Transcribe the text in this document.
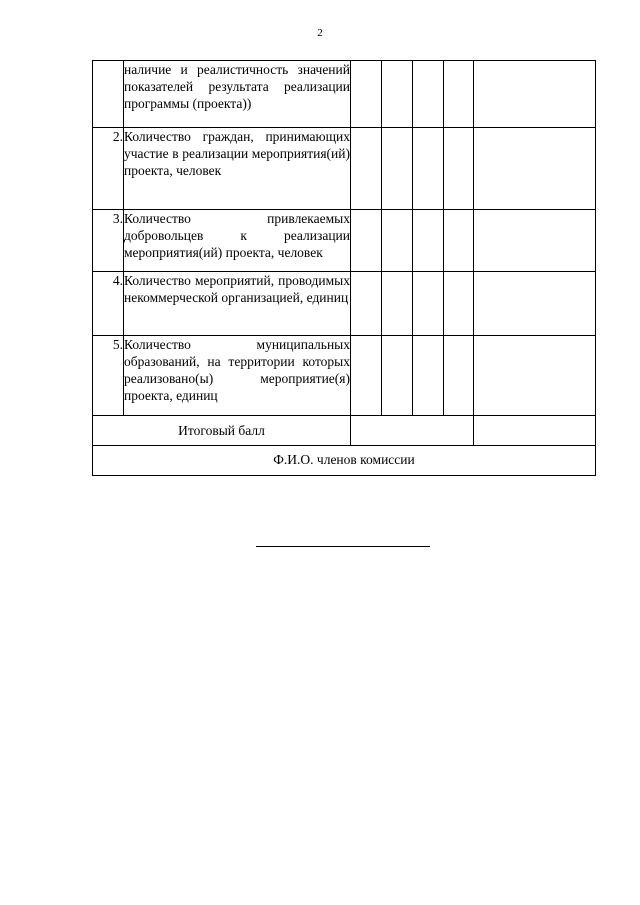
2
	наличие и реалистичность значений показателей результата реализации программы (проекта))					
2.	Количество граждан, принимающих участие в реализации мероприятия(ий) проекта, человек					
3.	Количество привлекаемых добровольцев к реализации мероприятия(ий) проекта, человек					
4.	Количество мероприятий, проводимых некоммерческой организацией, единиц					
5.	Количество муниципальных образований, на территории которых реализовано(ы) мероприятие(я) проекта, единиц					
Итоговый балл						
Ф.И.О. членов комиссии						
